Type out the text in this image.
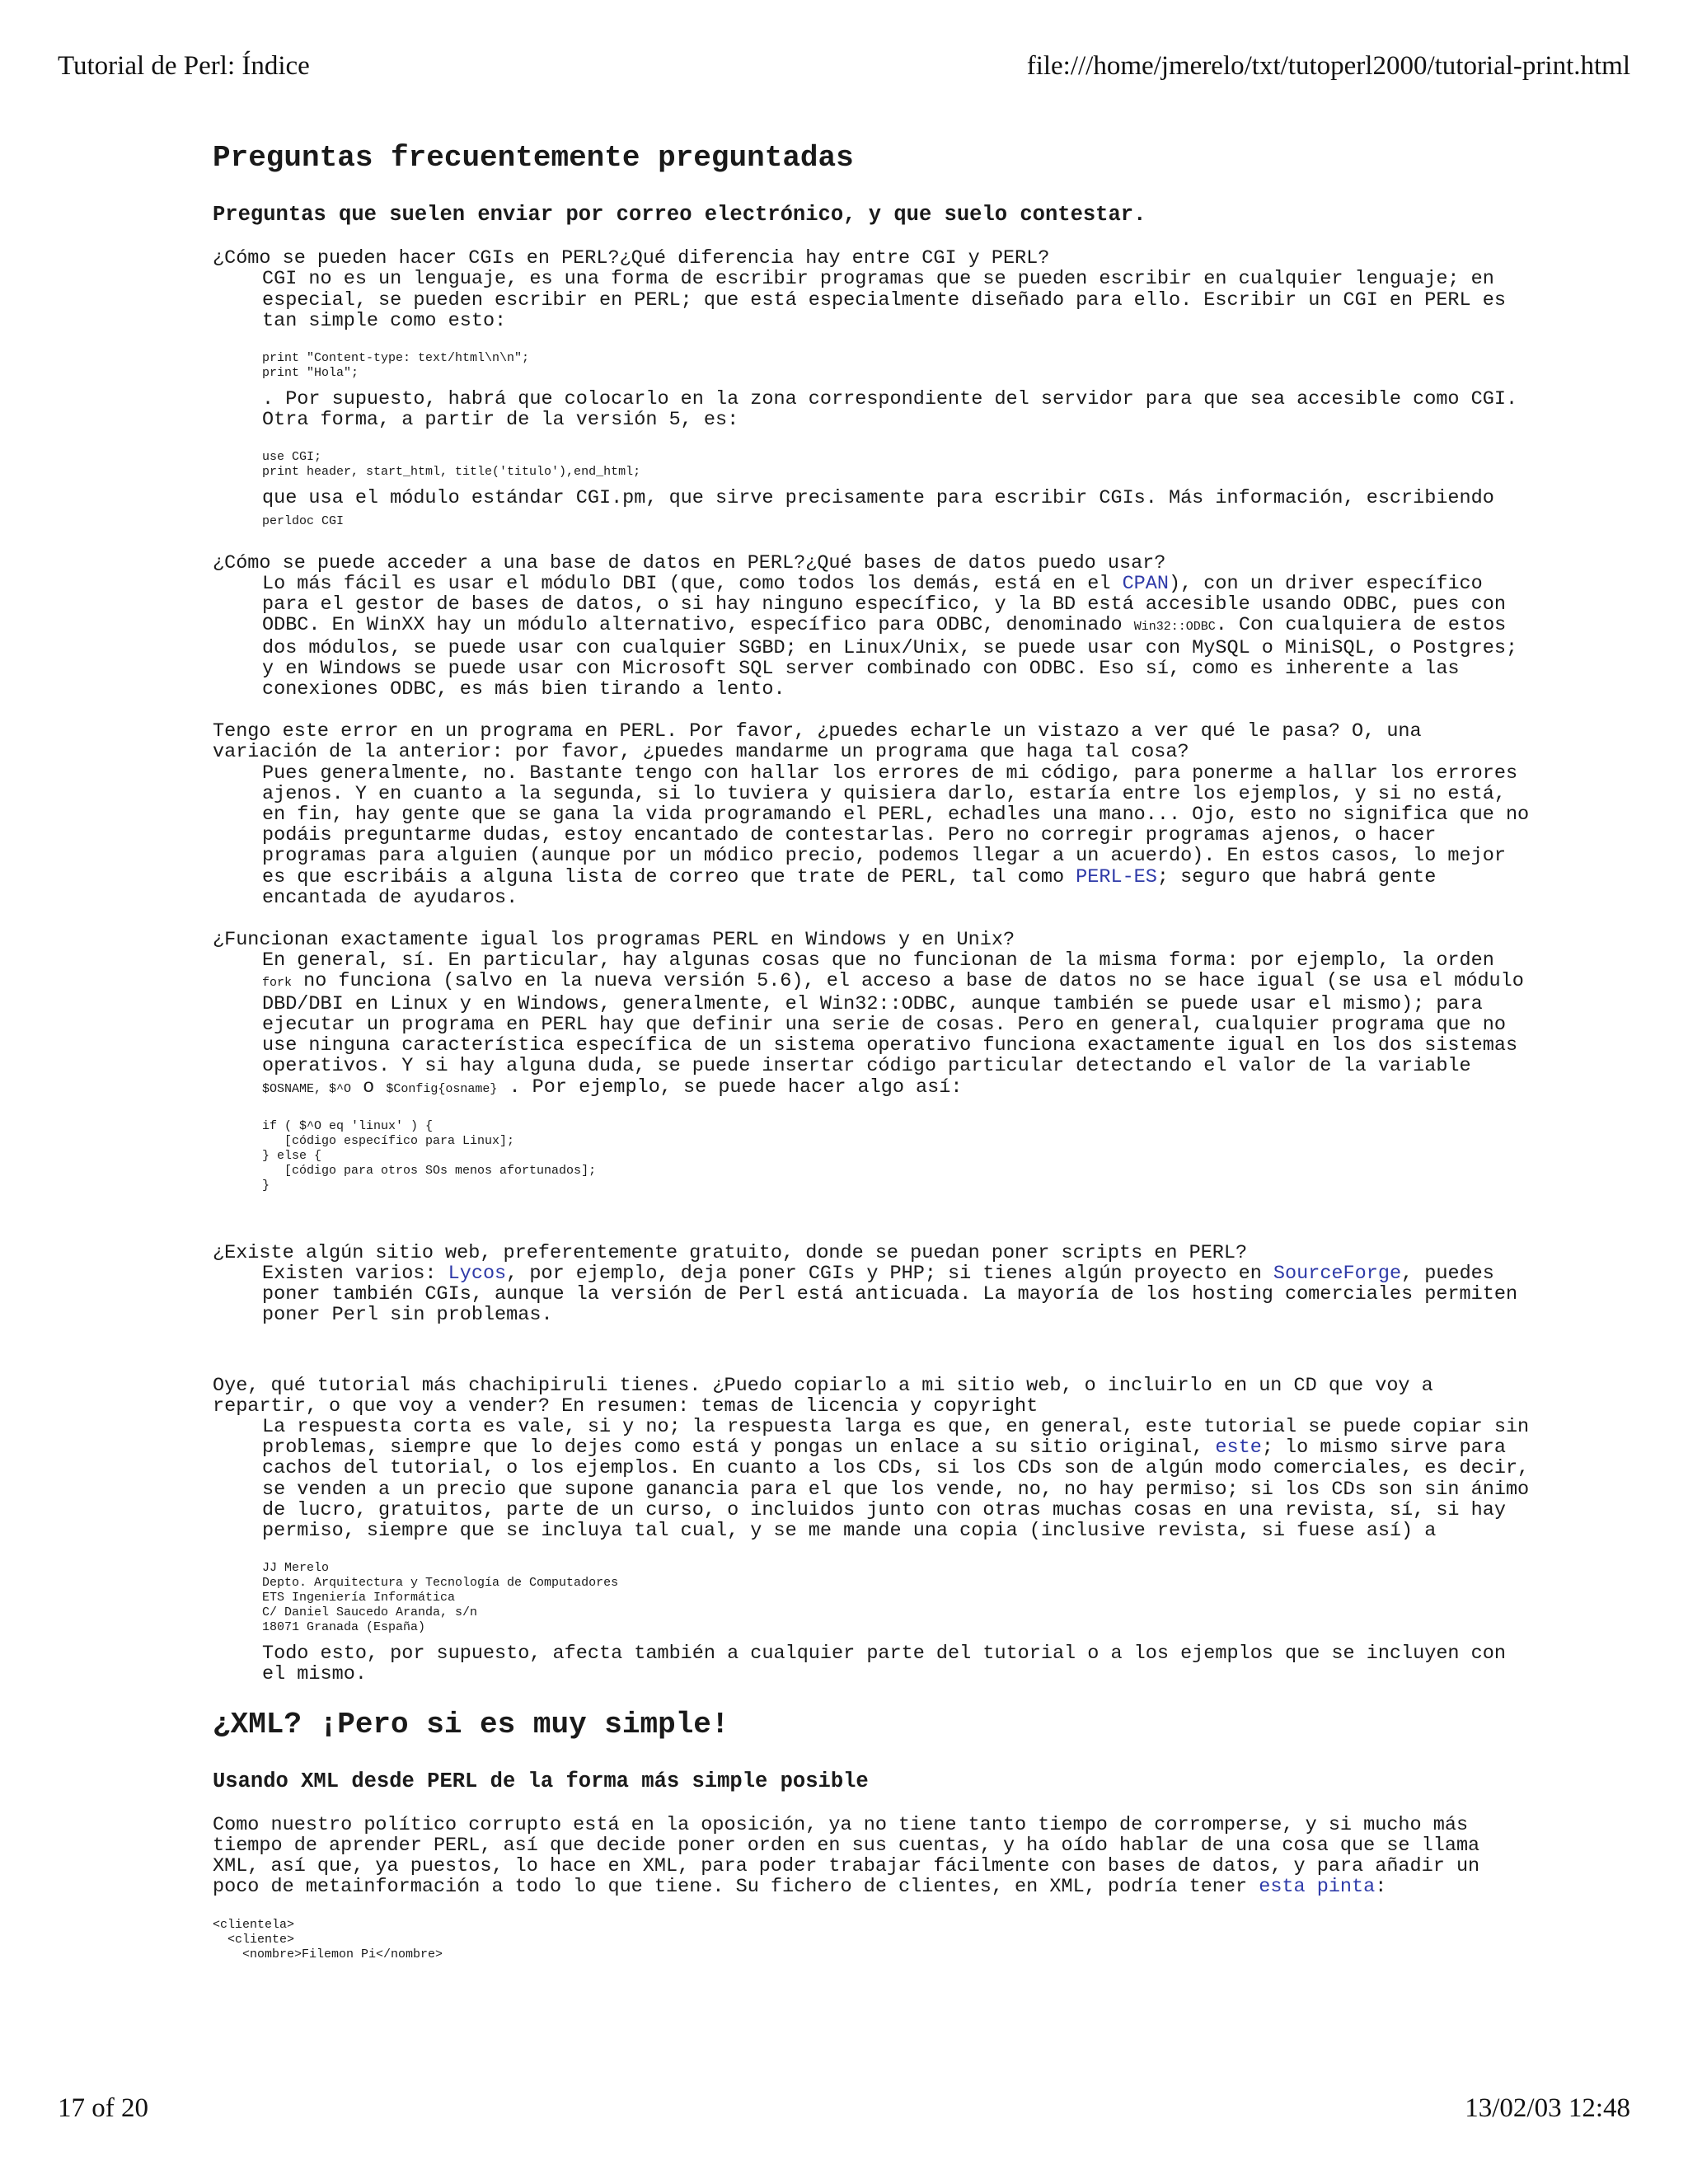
Tutorial de Perl: Índice	file:///home/jmerelo/txt/tutoperl2000/tutorial-print.html
Preguntas frecuentemente preguntadas
Preguntas que suelen enviar por correo electrónico, y que suelo contestar.
¿Cómo se pueden hacer CGIs en PERL?¿Qué diferencia hay entre CGI y PERL?

CGI no es un lenguaje, es una forma de escribir programas que se pueden escribir en cualquier lenguaje; en especial, se pueden escribir en PERL; que está especialmente diseñado para ello. Escribir un CGI en PERL es tan simple como esto:

print "Content-type: text/html\n\n";
print "Hola";

. Por supuesto, habrá que colocarlo en la zona correspondiente del servidor para que sea accesible como CGI. Otra forma, a partir de la versión 5, es:

use CGI;
print header, start_html, title('titulo'),end_html;

que usa el módulo estándar CGI.pm, que sirve precisamente para escribir CGIs. Más información, escribiendo

perldoc CGI
¿Cómo se puede acceder a una base de datos en PERL?¿Qué bases de datos puedo usar?

Lo más fácil es usar el módulo DBI (que, como todos los demás, está en el CPAN), con un driver específico para el gestor de bases de datos, o si hay ninguno específico, y la BD está accesible usando ODBC, pues con ODBC. En WinXX hay un módulo alternativo, específico para ODBC, denominado Win32::ODBC. Con cualquiera de estos dos módulos, se puede usar con cualquier SGBD; en Linux/Unix, se puede usar con MySQL o MiniSQL, o Postgres; y en Windows se puede usar con Microsoft SQL server combinado con ODBC. Eso sí, como es inherente a las conexiones ODBC, es más bien tirando a lento.

Tengo este error en un programa en PERL. Por favor, ¿puedes echarle un vistazo a ver qué le pasa? O, una variación de la anterior: por favor, ¿puedes mandarme un programa que haga tal cosa?

Pues generalmente, no. Bastante tengo con hallar los errores de mi código, para ponerme a hallar los errores ajenos. Y en cuanto a la segunda, si lo tuviera y quisiera darlo, estaría entre los ejemplos, y si no está, en fin, hay gente que se gana la vida programando el PERL, echadles una mano... Ojo, esto no significa que no podáis preguntarme dudas, estoy encantado de contestarlas. Pero no corregir programas ajenos, o hacer programas para alguien (aunque por un módico precio, podemos llegar a un acuerdo). En estos casos, lo mejor es que escribáis a alguna lista de correo que trate de PERL, tal como PERL-ES; seguro que habrá gente encantada de ayudaros.

¿Funcionan exactamente igual los programas PERL en Windows y en Unix?

En general, sí. En particular, hay algunas cosas que no funcionan de la misma forma: por ejemplo, la orden fork no funciona (salvo en la nueva versión 5.6), el acceso a base de datos no se hace igual (se usa el módulo DBD/DBI en Linux y en Windows, generalmente, el Win32::ODBC, aunque también se puede usar el mismo); para ejecutar un programa en PERL hay que definir una serie de cosas. Pero en general, cualquier programa que no use ninguna característica específica de un sistema operativo funciona exactamente igual en los dos sistemas operativos. Y si hay alguna duda, se puede insertar código particular detectando el valor de la variable $OSNAME, $^O o $Config{osname} . Por ejemplo, se puede hacer algo así:

if ( $^O eq 'linux' ) {
[código específico para Linux];
} else {
[código para otros SOs menos afortunados];
}
¿Existe algún sitio web, preferentemente gratuito, donde se puedan poner scripts en PERL?

Existen varios: Lycos, por ejemplo, deja poner CGIs y PHP; si tienes algún proyecto en SourceForge, puedes poner también CGIs, aunque la versión de Perl está anticuada. La mayoría de los hosting comerciales permiten poner Perl sin problemas.

Oye, qué tutorial más chachipiruli tienes. ¿Puedo copiarlo a mi sitio web, o incluirlo en un CD que voy a repartir, o que voy a vender? En resumen: temas de licencia y copyright

La respuesta corta es vale, si y no; la respuesta larga es que, en general, este tutorial se puede copiar sin problemas, siempre que lo dejes como está y pongas un enlace a su sitio original, este; lo mismo sirve para cachos del tutorial, o los ejemplos. En cuanto a los CDs, si los CDs son de algún modo comerciales, es decir, se venden a un precio que supone ganancia para el que los vende, no, no hay permiso; si los CDs son sin ánimo de lucro, gratuitos, parte de un curso, o incluidos junto con otras muchas cosas en una revista, sí, si hay permiso, siempre que se incluya tal cual, y se me mande una copia (inclusive revista, si fuese así) a

JJ Merelo
Depto. Arquitectura y Tecnología de Computadores
ETS Ingeniería Informática
C/ Daniel Saucedo Aranda, s/n
18071 Granada (España)

Todo esto, por supuesto, afecta también a cualquier parte del tutorial o a los ejemplos que se incluyen con el mismo.

¿XML? ¡Pero si es muy simple!
Usando XML desde PERL de la forma más simple posible

Como nuestro político corrupto está en la oposición, ya no tiene tanto tiempo de corromperse, y si mucho más tiempo de aprender PERL, así que decide poner orden en sus cuentas, y ha oído hablar de una cosa que se llama XML, así que, ya puestos, lo hace en XML, para poder trabajar fácilmente con bases de datos, y para añadir un poco de metainformación a todo lo que tiene. Su fichero de clientes, en XML, podría tener esta pinta:

<clientela>
<cliente>
<nombre>Filemon Pi</nombre>
17 of 20	13/02/03 12:48
